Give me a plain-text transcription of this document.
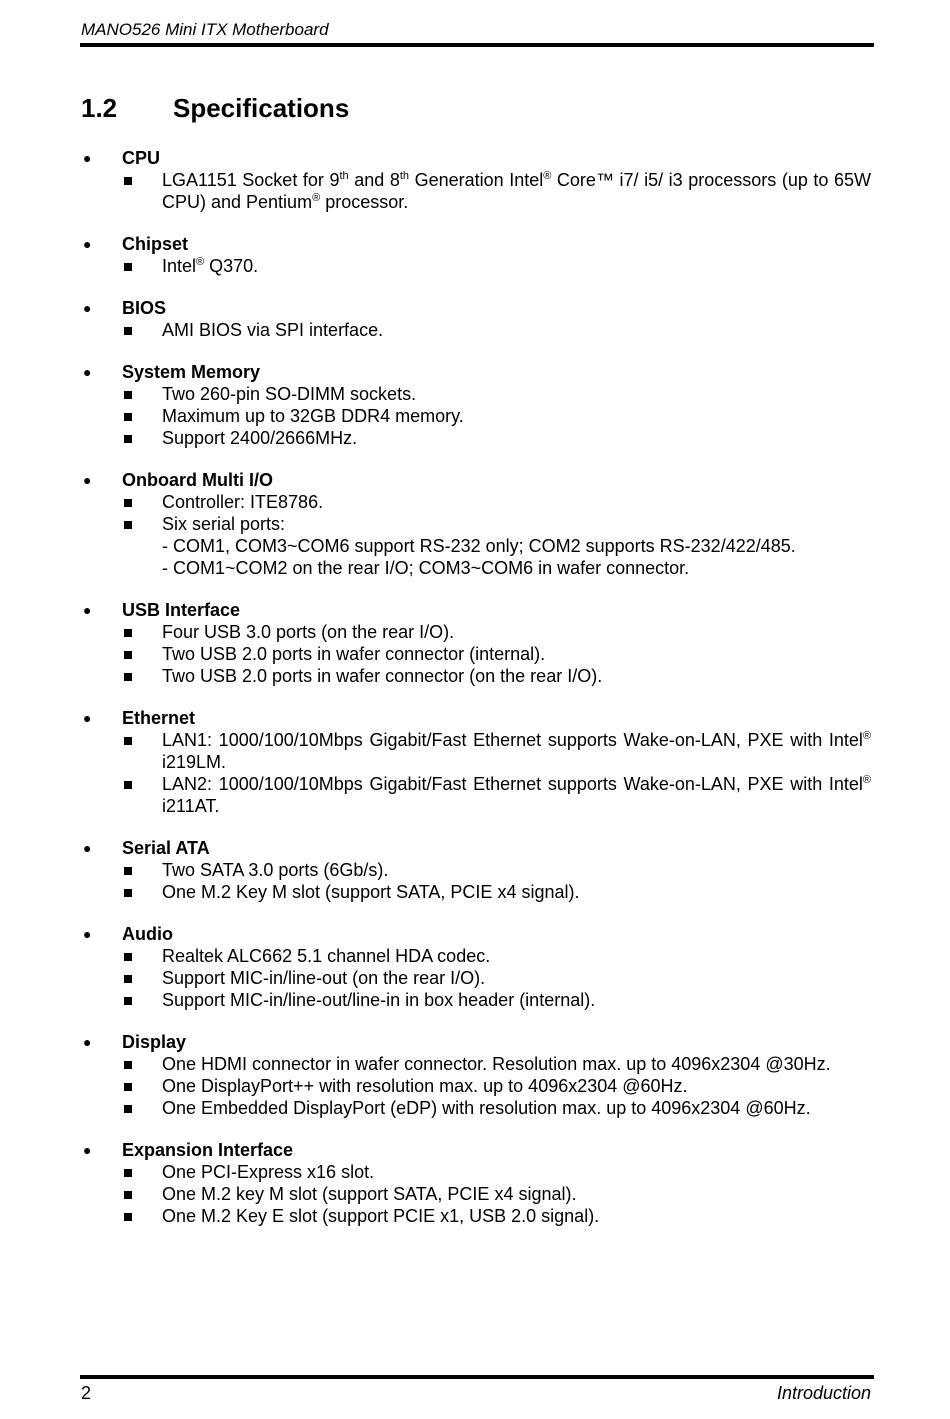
MANO526 Mini ITX Motherboard
1.2 Specifications
● CPU
LGA1151 Socket for 9th and 8th Generation Intel® Core™ i7/ i5/ i3 processors (up to 65W CPU) and Pentium® processor.
● Chipset
Intel® Q370.
● BIOS
AMI BIOS via SPI interface.
● System Memory
Two 260-pin SO-DIMM sockets.
Maximum up to 32GB DDR4 memory.
Support 2400/2666MHz.
● Onboard Multi I/O
Controller: ITE8786.
Six serial ports:
- COM1, COM3~COM6 support RS-232 only; COM2 supports RS-232/422/485.
- COM1~COM2 on the rear I/O; COM3~COM6 in wafer connector.
● USB Interface
Four USB 3.0 ports (on the rear I/O).
Two USB 2.0 ports in wafer connector (internal).
Two USB 2.0 ports in wafer connector (on the rear I/O).
● Ethernet
LAN1: 1000/100/10Mbps Gigabit/Fast Ethernet supports Wake-on-LAN, PXE with Intel® i219LM.
LAN2: 1000/100/10Mbps Gigabit/Fast Ethernet supports Wake-on-LAN, PXE with Intel® i211AT.
● Serial ATA
Two SATA 3.0 ports (6Gb/s).
One M.2 Key M slot (support SATA, PCIE x4 signal).
● Audio
Realtek ALC662 5.1 channel HDA codec.
Support MIC-in/line-out (on the rear I/O).
Support MIC-in/line-out/line-in in box header (internal).
● Display
One HDMI connector in wafer connector. Resolution max. up to 4096x2304 @30Hz.
One DisplayPort++ with resolution max. up to 4096x2304 @60Hz.
One Embedded DisplayPort (eDP) with resolution max. up to 4096x2304 @60Hz.
● Expansion Interface
One PCI-Express x16 slot.
One M.2 key M slot (support SATA, PCIE x4 signal).
One M.2 Key E slot (support PCIE x1, USB 2.0 signal).
2	Introduction
